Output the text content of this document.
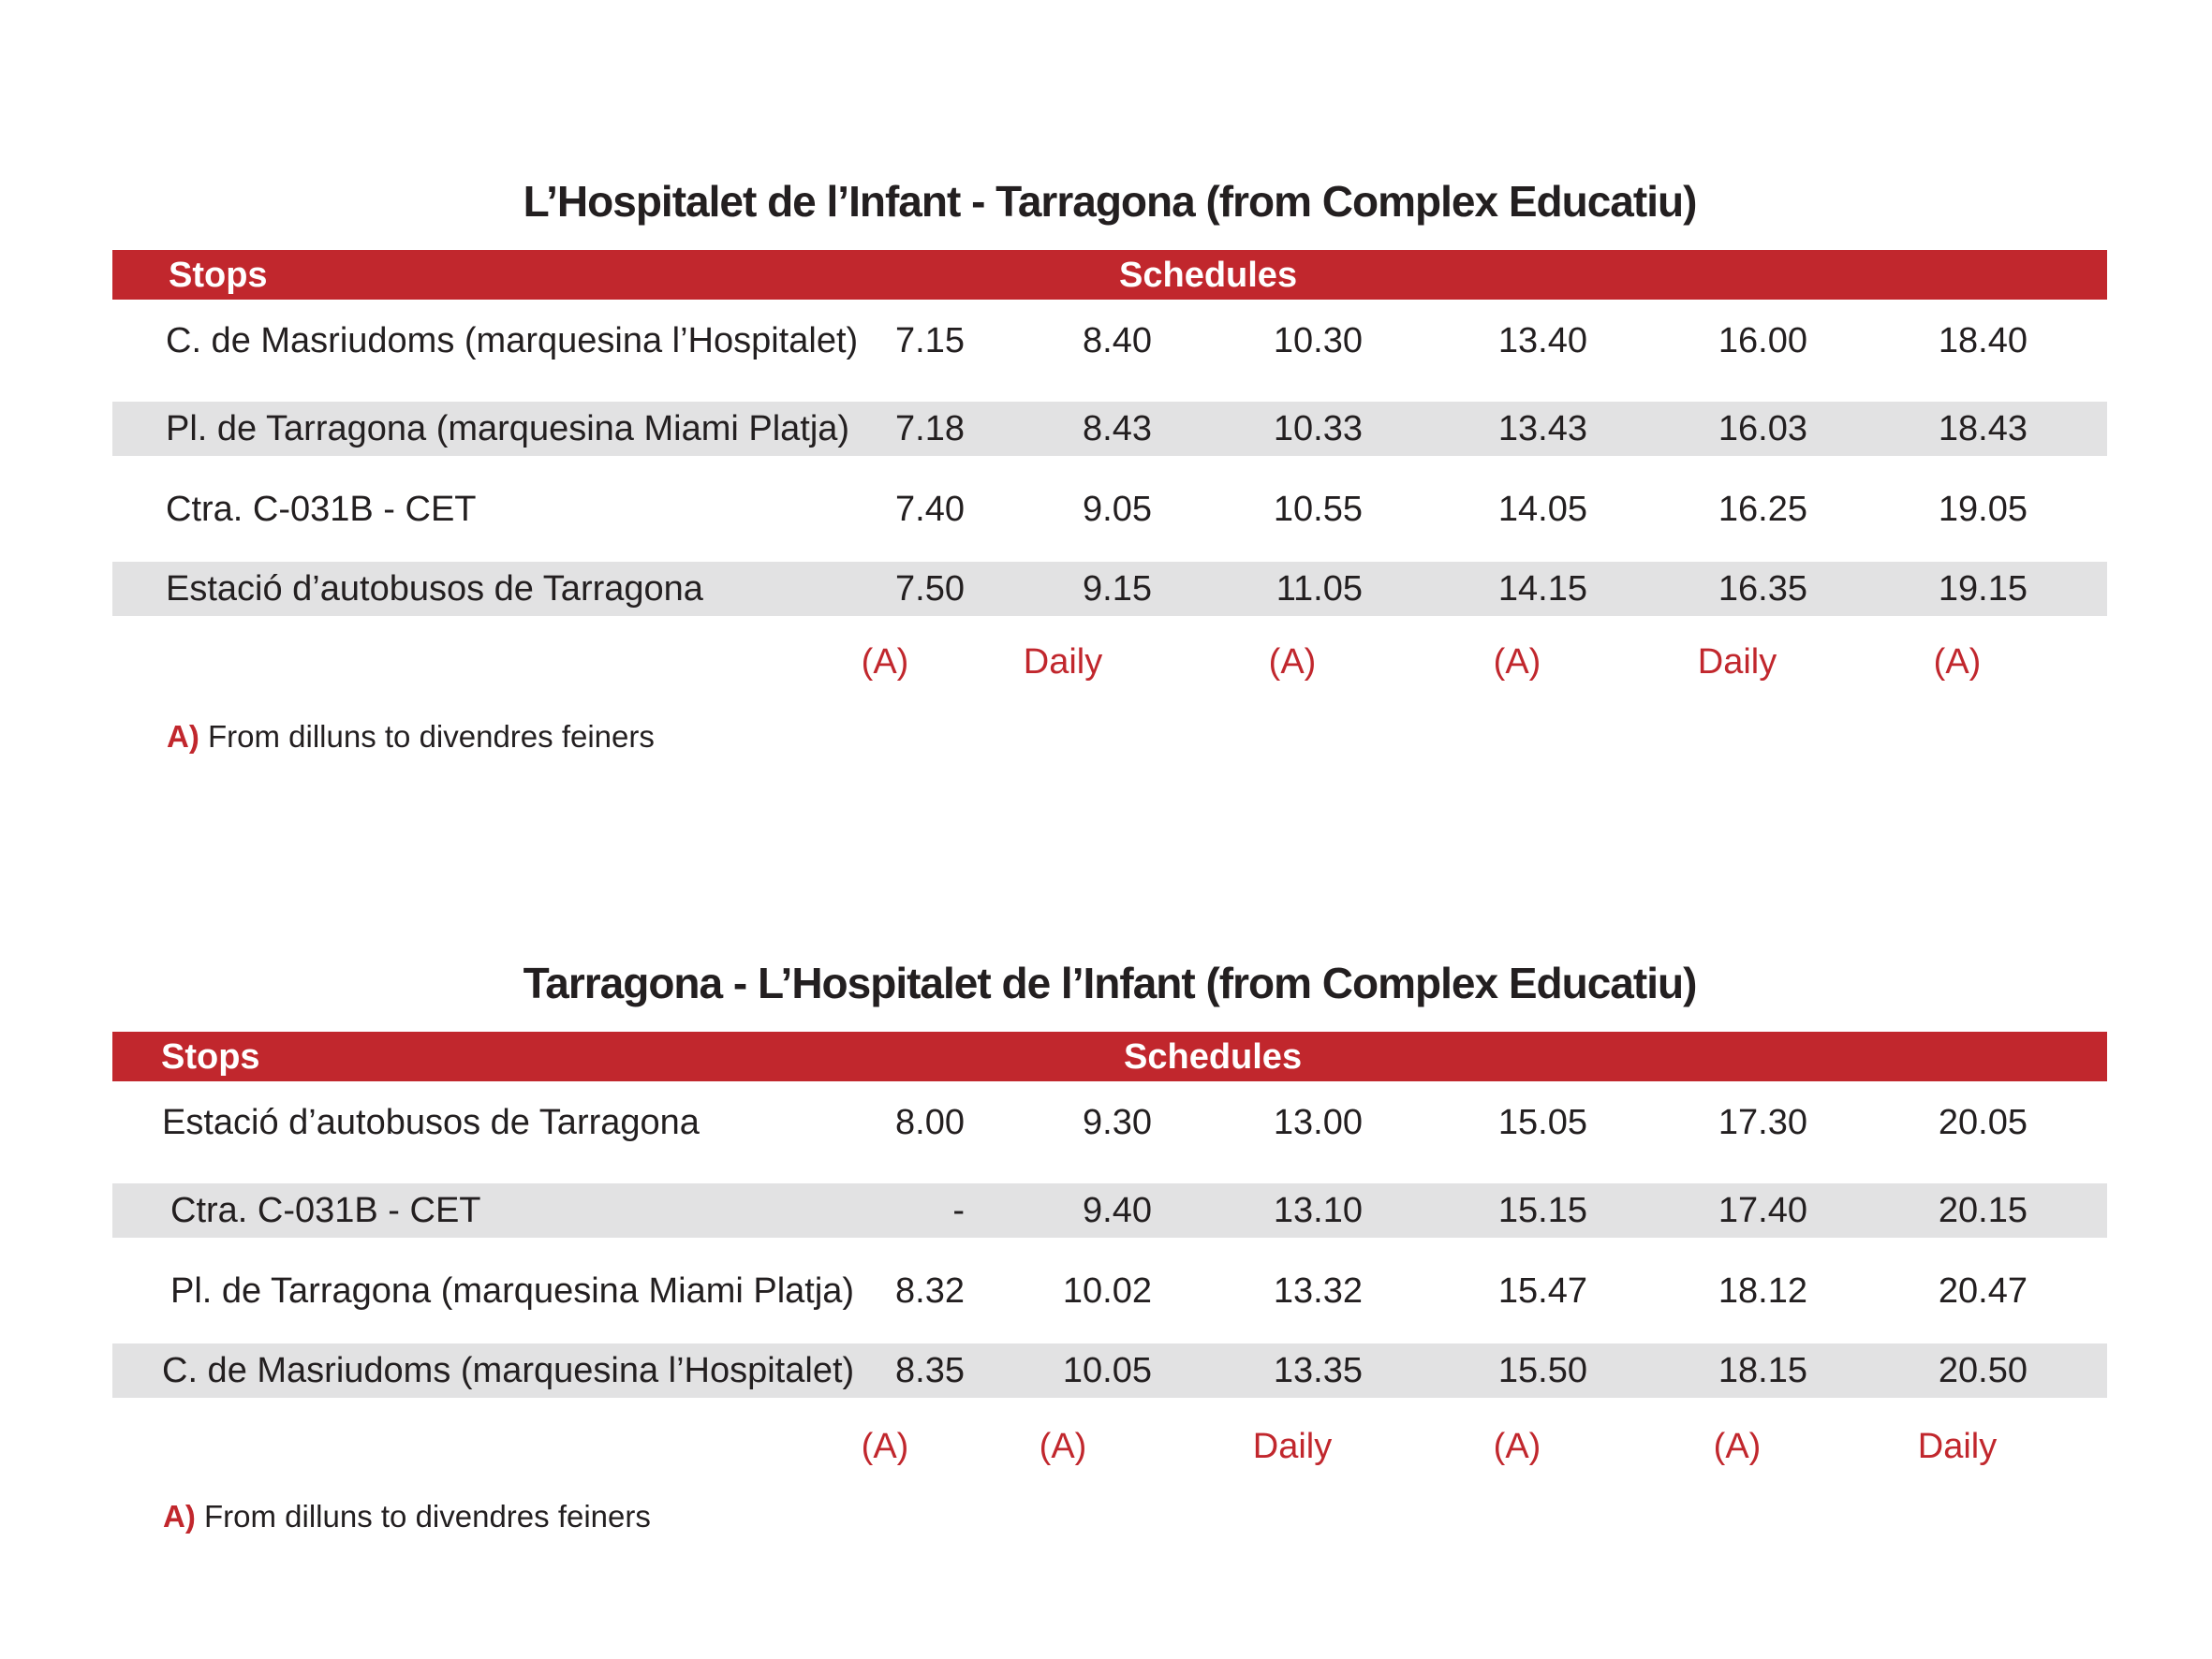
L’Hospitalet de l’Infant - Tarragona (from Complex Educatiu)
Stops	Schedules
C. de Masriudoms (marquesina l’Hospitalet)	7.15	8.40	10.30	13.40	16.00	18.40
Pl. de Tarragona (marquesina Miami Platja)	7.18	8.43	10.33	13.43	16.03	18.43
Ctra. C-031B - CET	7.40	9.05	10.55	14.05	16.25	19.05
Estació d’autobusos de Tarragona	7.50	9.15	11.05	14.15	16.35	19.15
(A)	Daily	(A)	(A)	Daily	(A)
A) From dilluns to divendres feiners
Tarragona - L’Hospitalet de l’Infant (from Complex Educatiu)
Stops	Schedules
Estació d’autobusos de Tarragona	8.00	9.30	13.00	15.05	17.30	20.05
Ctra. C-031B - CET	-	9.40	13.10	15.15	17.40	20.15
Pl. de Tarragona (marquesina Miami Platja)	8.32	10.02	13.32	15.47	18.12	20.47
C. de Masriudoms (marquesina l’Hospitalet)	8.35	10.05	13.35	15.50	18.15	20.50
(A)	(A)	Daily	(A)	(A)	Daily
A) From dilluns to divendres feiners
